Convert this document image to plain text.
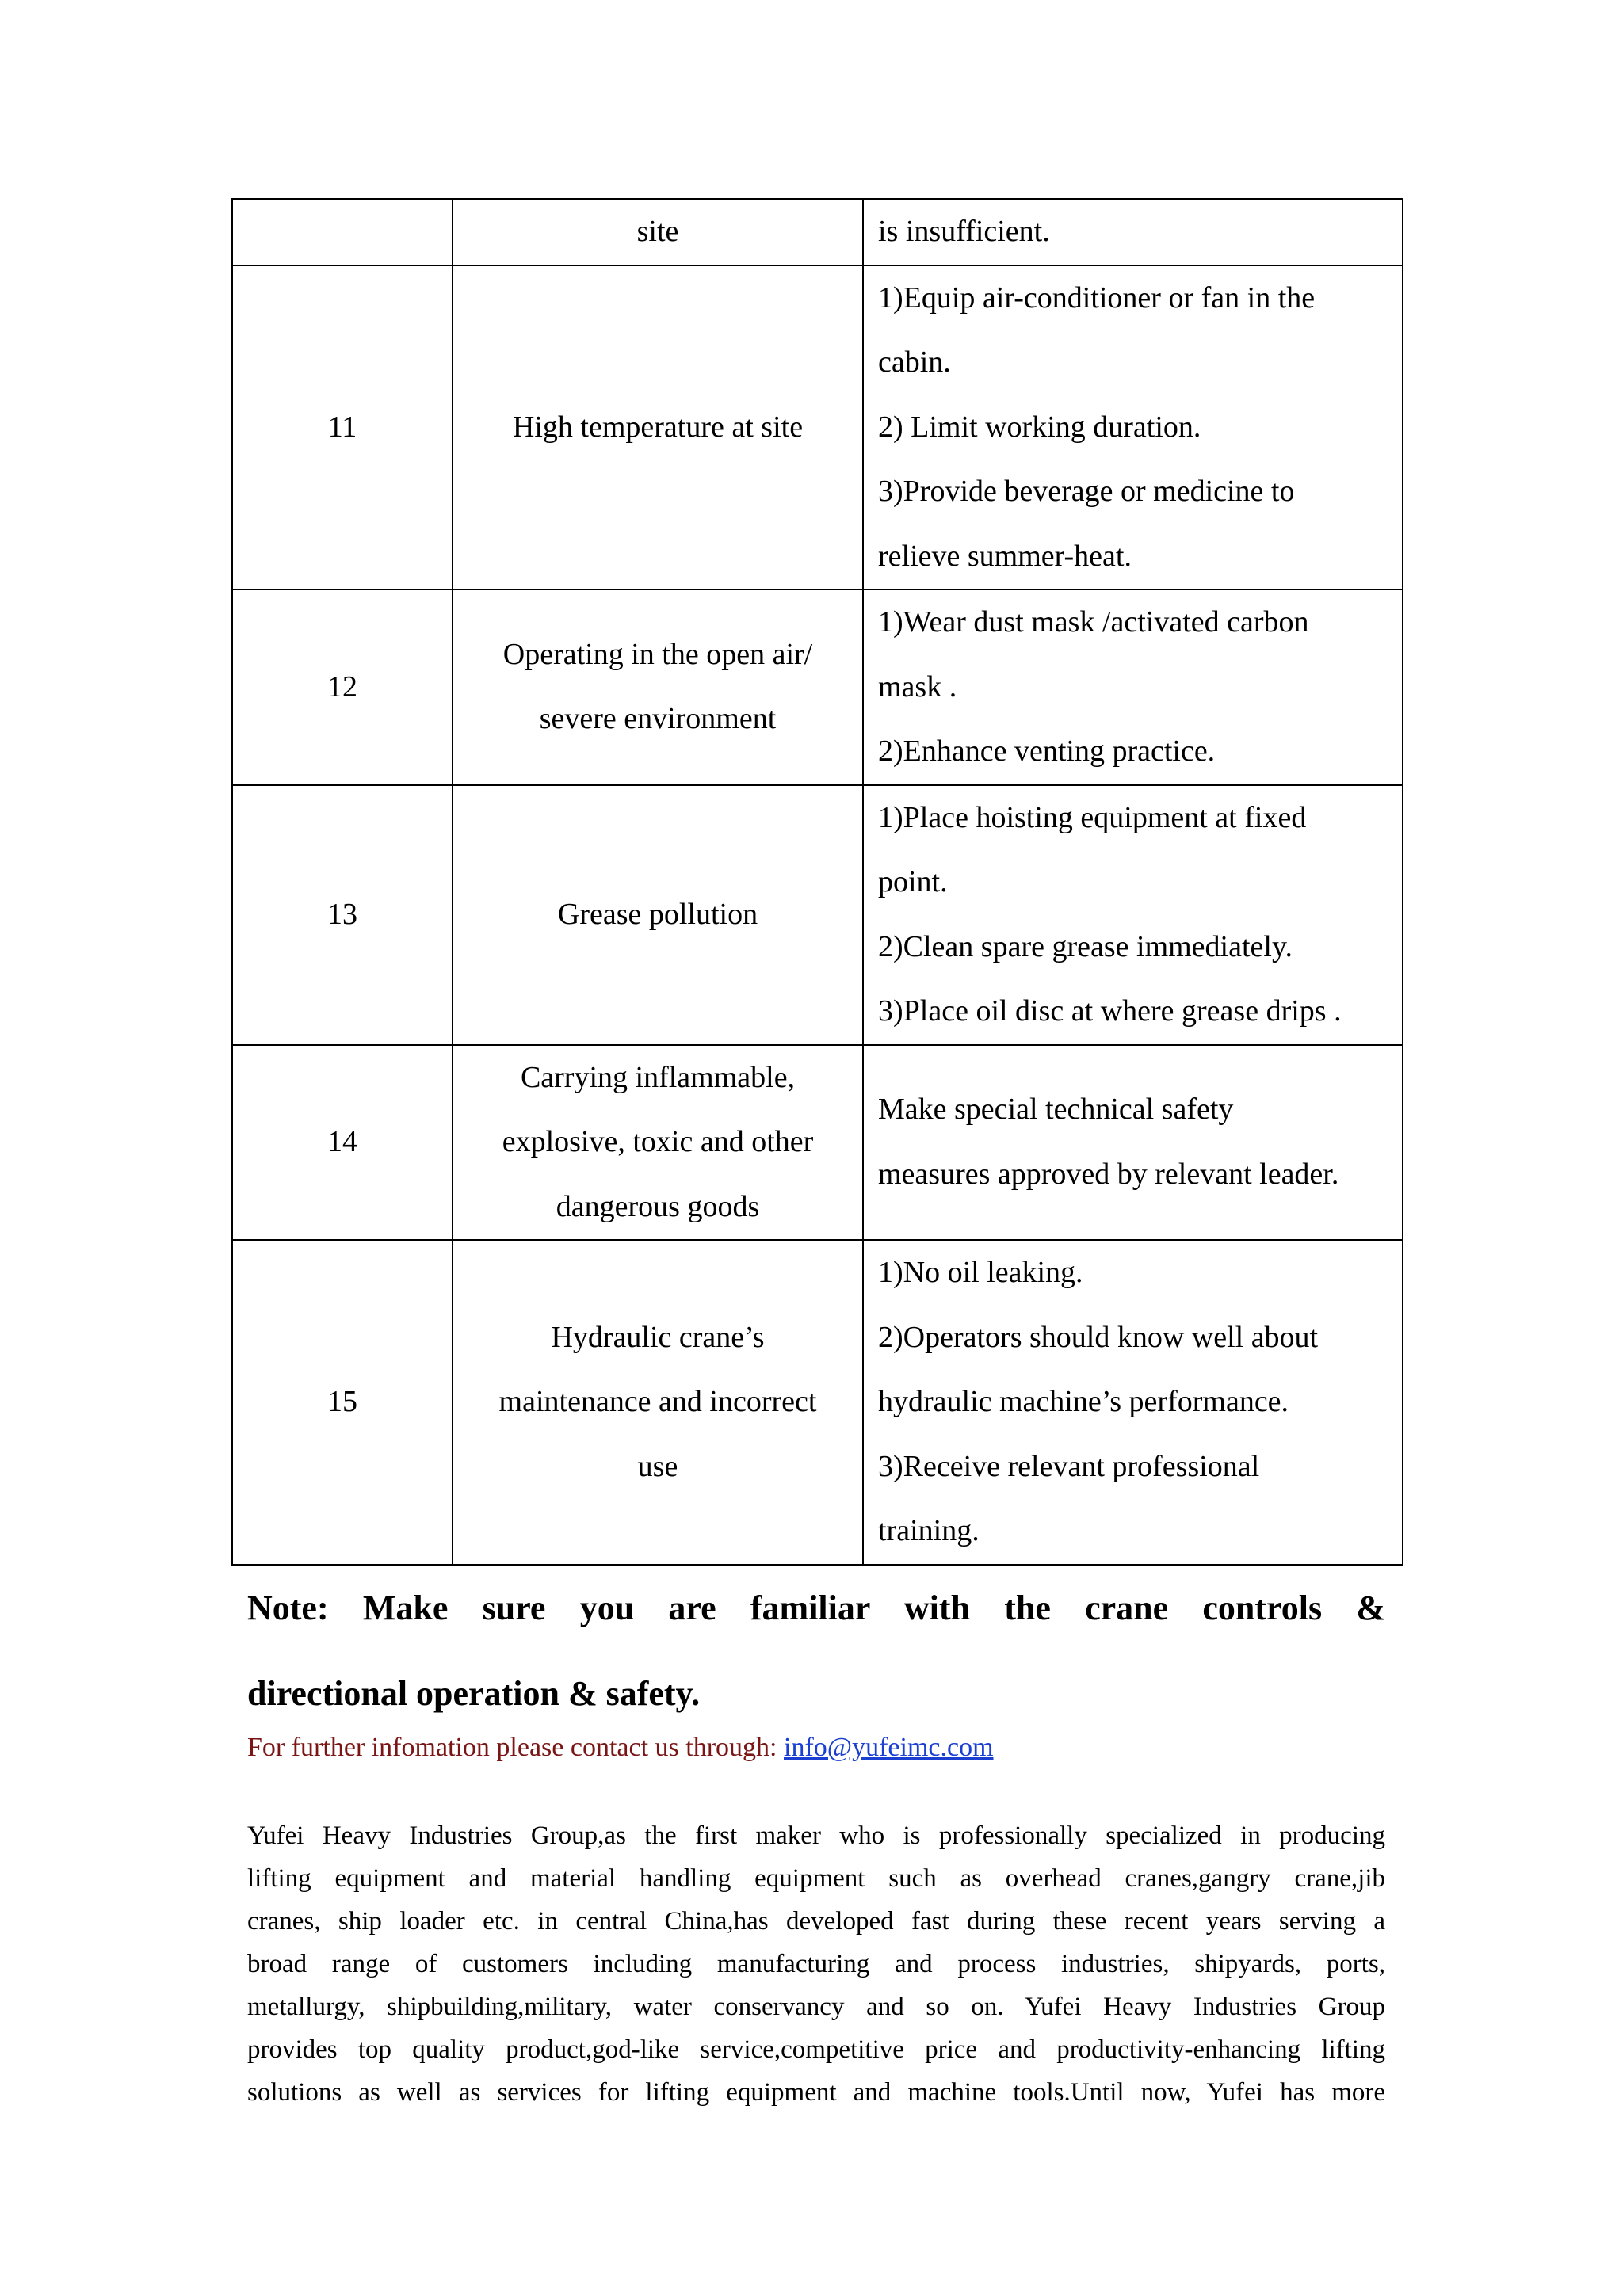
	site	is insufficient.

11	High temperature at site	1)Equip air-conditioner or fan in the
cabin.
2) Limit working duration.
3)Provide beverage or medicine to
relieve summer-heat.

12	Operating in the open air/
severe environment	1)Wear dust mask /activated carbon
mask .
2)Enhance venting practice.

13	Grease pollution	1)Place hoisting equipment at fixed
point.
2)Clean spare grease immediately.
3)Place oil disc at where grease drips .

14	Carrying inflammable,
explosive, toxic and other
dangerous goods	Make special technical safety
measures approved by relevant leader.

15	Hydraulic crane’s
maintenance and incorrect
use	1)No oil leaking.
2)Operators should know well about
hydraulic machine’s performance.
3)Receive relevant professional
training.
Note: Make sure you are familiar with the crane controls &
directional operation & safety.
For further infomation please contact us through: info@yufeimc.com
Yufei Heavy Industries Group,as the first maker who is professionally specialized in producing
lifting equipment and material handling equipment such as overhead cranes,gangry crane,jib
cranes, ship loader etc. in central China,has developed fast during these recent years serving a
broad range of customers including manufacturing and process industries, shipyards, ports,
metallurgy, shipbuilding,military, water conservancy and so on. Yufei Heavy Industries Group
provides top quality product,god-like service,competitive price and productivity-enhancing lifting
solutions as well as services for lifting equipment and machine tools.Until now, Yufei has more
